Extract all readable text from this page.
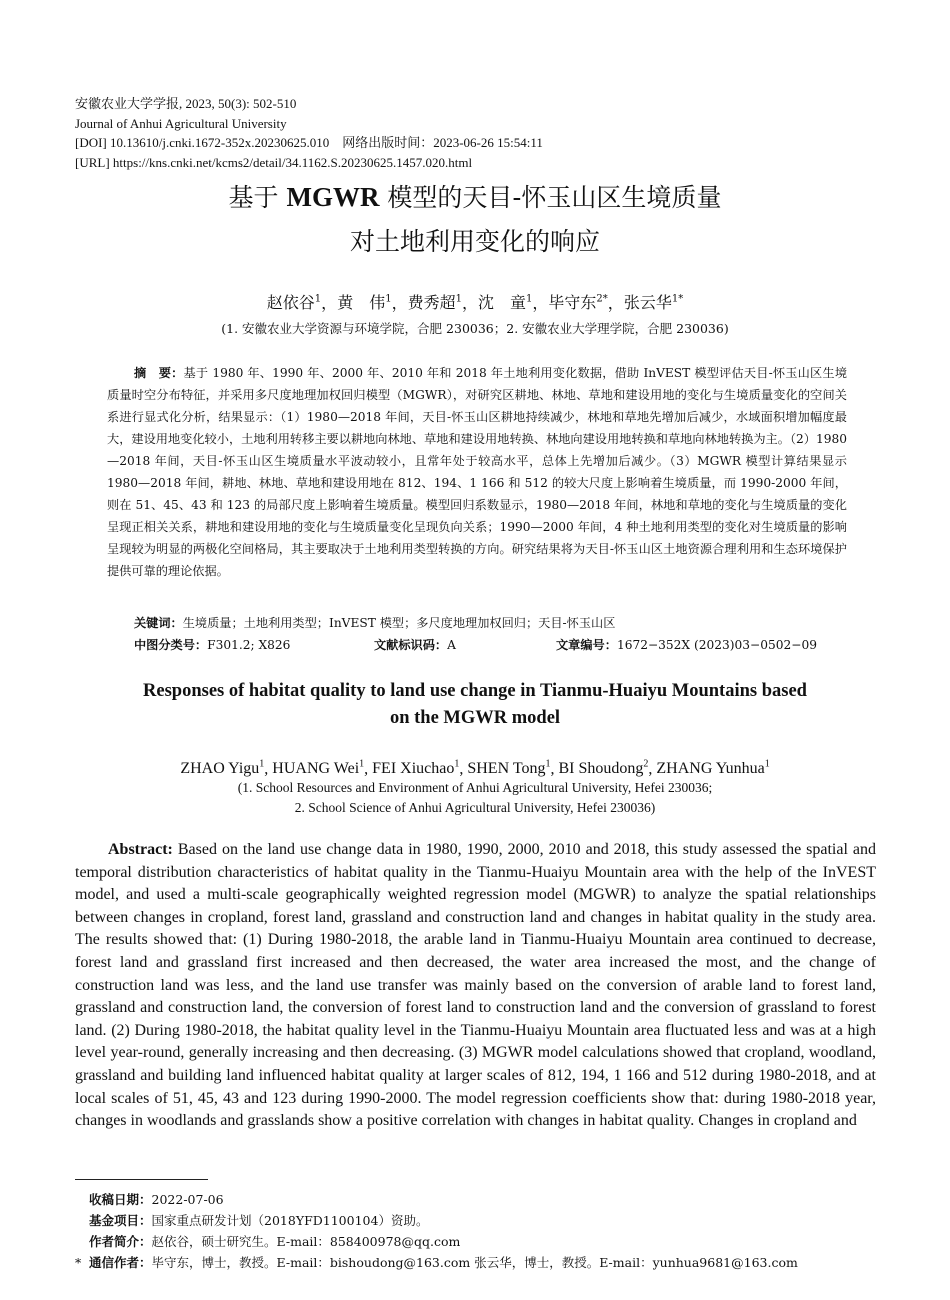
安徽农业大学学报, 2023, 50(3): 502-510
Journal of Anhui Agricultural University
[DOI] 10.13610/j.cnki.1672-352x.20230625.010 网络出版时间：2023-06-26 15:54:11
[URL] https://kns.cnki.net/kcms2/detail/34.1162.S.20230625.1457.020.html
基于 MGWR 模型的天目-怀玉山区生境质量
对土地利用变化的响应
赵依谷$^1$，黄　伟$^1$，费秀超$^1$，沈　童$^1$，毕守东$^{2*}$，张云华$^{1*}$
(1. 安徽农业大学资源与环境学院，合肥 230036；2. 安徽农业大学理学院，合肥 230036)
摘　要：基于 1980 年、1990 年、2000 年、2010 年和 2018 年土地利用变化数据，借助 InVEST 模型评估天目-怀玉山区生境质量时空分布特征，并采用多尺度地理加权回归模型（MGWR），对研究区耕地、林地、草地和建设用地的变化与生境质量变化的空间关系进行显式化分析，结果显示：（1）1980—2018 年间，天目-怀玉山区耕地持续减少，林地和草地先增加后减少，水域面积增加幅度最大，建设用地变化较小，土地利用转移主要以耕地向林地、草地和建设用地转换、林地向建设用地转换和草地向林地转换为主。（2）1980—2018 年间，天目-怀玉山区生境质量水平波动较小，且常年处于较高水平，总体上先增加后减少。（3）MGWR 模型计算结果显示 1980—2018 年间，耕地、林地、草地和建设用地在 812、194、1 166 和 512 的较大尺度上影响着生境质量，而 1990-2000 年间，则在 51、45、43 和 123 的局部尺度上影响着生境质量。模型回归系数显示，1980—2018 年间，林地和草地的变化与生境质量的变化呈现正相关关系，耕地和建设用地的变化与生境质量变化呈现负向关系；1990—2000 年间，4 种土地利用类型的变化对生境质量的影响呈现较为明显的两极化空间格局，其主要取决于土地利用类型转换的方向。研究结果将为天目-怀玉山区土地资源合理利用和生态环境保护提供可靠的理论依据。
关键词：生境质量；土地利用类型；InVEST 模型；多尺度地理加权回归；天目-怀玉山区
中图分类号：F301.2; X826	文献标识码：A	文章编号：1672−352X (2023)03−0502−09
Responses of habitat quality to land use change in Tianmu-Huaiyu Mountains based
on the MGWR model
ZHAO Yigu$^1$, HUANG Wei$^1$, FEI Xiuchao$^1$, SHEN Tong$^1$, BI Shoudong$^2$, ZHANG Yunhua$^1$
(1. School Resources and Environment of Anhui Agricultural University, Hefei 230036;
2. School Science of Anhui Agricultural University, Hefei 230036)
Abstract: Based on the land use change data in 1980, 1990, 2000, 2010 and 2018, this study assessed the spatial and temporal distribution characteristics of habitat quality in the Tianmu-Huaiyu Mountain area with the help of the InVEST model, and used a multi-scale geographically weighted regression model (MGWR) to analyze the spatial relationships between changes in cropland, forest land, grassland and construction land and changes in habitat quality in the study area. The results showed that: (1) During 1980-2018, the arable land in Tianmu-Huaiyu Mountain area continued to decrease, forest land and grassland first increased and then decreased, the water area increased the most, and the change of construction land was less, and the land use transfer was mainly based on the conversion of arable land to forest land, grassland and construction land, the conversion of forest land to construction land and the conversion of grassland to forest land. (2) During 1980-2018, the habitat quality level in the Tianmu-Huaiyu Mountain area fluctuated less and was at a high level year-round, generally increasing and then decreasing. (3) MGWR model calculations showed that cropland, woodland, grassland and building land influenced habitat quality at larger scales of 812, 194, 1 166 and 512 during 1980-2018, and at local scales of 51, 45, 43 and 123 during 1990-2000. The model regression coefficients show that: during 1980-2018 year, changes in woodlands and grasslands show a positive correlation with changes in habitat quality. Changes in cropland and
收稿日期：2022-07-06
基金项目：国家重点研发计划（2018YFD1100104）资助。
作者简介：赵依谷，硕士研究生。E-mail：858400978@qq.com
* 通信作者：毕守东，博士，教授。E-mail：bishoudong@163.com 张云华，博士，教授。E-mail：yunhua9681@163.com
